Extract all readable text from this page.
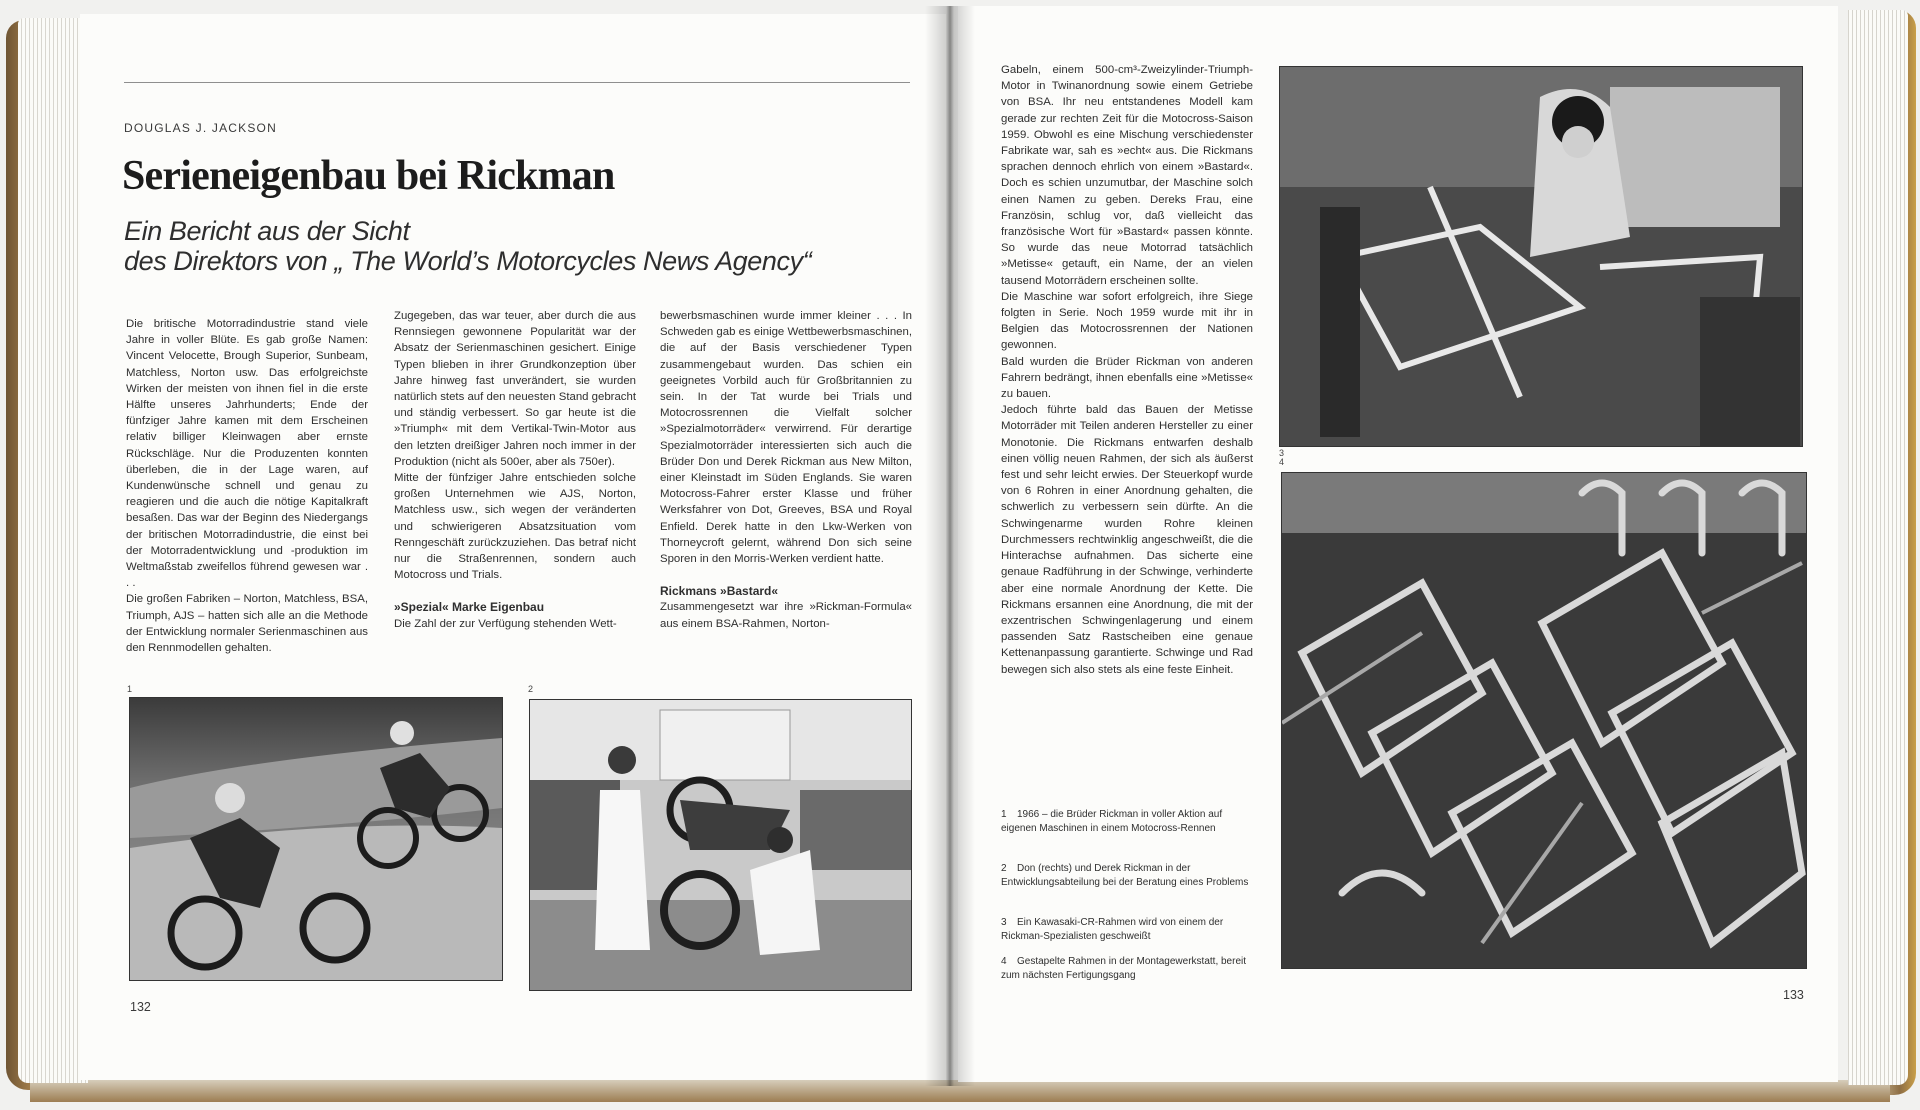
DOUGLAS J. JACKSON
Serieneigenbau bei Rickman
Ein Bericht aus der Sicht
des Direktors von „ The World’s Motorcycles News Agency“

Die britische Motorradindustrie stand viele Jahre in voller Blüte. Es gab große Namen: Vincent Velocette, Brough Superior, Sunbeam, Matchless, Norton usw. Das erfolgreichste Wirken der meisten von ihnen fiel in die erste Hälfte unseres Jahrhunderts; Ende der fünfziger Jahre kamen mit dem Erscheinen relativ billiger Kleinwagen aber ernste Rückschläge. Nur die Produzenten konnten überleben, die in der Lage waren, auf Kundenwünsche schnell und genau zu reagieren und die auch die nötige Kapitalkraft besaßen. Das war der Beginn des Niedergangs der britischen Motorradindustrie, die einst bei der Motorradentwicklung und -produktion im Weltmaßstab zweifellos führend gewesen war . . .

Die großen Fabriken – Norton, Matchless, BSA, Triumph, AJS – hatten sich alle an die Methode der Entwicklung normaler Serienmaschinen aus den Rennmodellen gehalten.

Zugegeben, das war teuer, aber durch die aus Rennsiegen gewonnene Popularität war der Absatz der Serienmaschinen gesichert. Einige Typen blieben in ihrer Grundkonzeption über Jahre hinweg fast unverändert, sie wurden natürlich stets auf den neuesten Stand gebracht und ständig verbessert. So gar heute ist die »Triumph« mit dem Vertikal-Twin-Motor aus den letzten dreißiger Jahren noch immer in der Produktion (nicht als 500er, aber als 750er).

Mitte der fünfziger Jahre entschieden solche großen Unternehmen wie AJS, Norton, Matchless usw., sich wegen der veränderten und schwierigeren Absatzsituation vom Renngeschäft zurückzuziehen. Das betraf nicht nur die Straßenrennen, sondern auch Motocross und Trials.

»Spezial« Marke Eigenbau

Die Zahl der zur Verfügung stehenden Wett-

bewerbsmaschinen wurde immer kleiner . . . In Schweden gab es einige Wettbewerbsmaschinen, die auf der Basis verschiedener Typen zusammengebaut wurden. Das schien ein geeignetes Vorbild auch für Großbritannien zu sein. In der Tat wurde bei Trials und Motocrossrennen die Vielfalt solcher »Spezialmotorräder« verwirrend. Für derartige Spezialmotorräder interessierten sich auch die Brüder Don und Derek Rickman aus New Milton, einer Kleinstadt im Süden Englands. Sie waren Motocross-Fahrer erster Klasse und früher Werksfahrer von Dot, Greeves, BSA und Royal Enfield. Derek hatte in den Lkw-Werken von Thorneycroft gelernt, während Don sich seine Sporen in den Morris-Werken verdient hatte.

Rickmans »Bastard«

Zusammengesetzt war ihre »Rickman-Formula« aus einem BSA-Rahmen, Norton-

1	2
132

Gabeln, einem 500-cm³-Zweizylinder-Triumph-Motor in Twinanordnung sowie einem Getriebe von BSA. Ihr neu entstandenes Modell kam gerade zur rechten Zeit für die Motocross-Saison 1959. Obwohl es eine Mischung verschiedenster Fabrikate war, sah es »echt« aus. Die Rickmans sprachen dennoch ehrlich von einem »Bastard«. Doch es schien unzumutbar, der Maschine solch einen Namen zu geben. Dereks Frau, eine Französin, schlug vor, daß vielleicht das französische Wort für »Bastard« passen könnte. So wurde das neue Motorrad tatsächlich »Metisse« getauft, ein Name, der an vielen tausend Motorrädern erscheinen sollte.

Die Maschine war sofort erfolgreich, ihre Siege folgten in Serie. Noch 1959 wurde mit ihr in Belgien das Motocrossrennen der Nationen gewonnen.

Bald wurden die Brüder Rickman von anderen Fahrern bedrängt, ihnen ebenfalls eine »Metisse« zu bauen.

Jedoch führte bald das Bauen der Metisse Motorräder mit Teilen anderen Hersteller zu einer Monotonie. Die Rickmans entwarfen deshalb einen völlig neuen Rahmen, der sich als äußerst fest und sehr leicht erwies. Der Steuerkopf wurde von 6 Rohren in einer Anordnung gehalten, die schwerlich zu verbessern sein dürfte. An die Schwingenarme wurden Rohre kleinen Durchmessers rechtwinklig angeschweißt, die die Hinterachse aufnahmen. Das sicherte eine genaue Radführung in der Schwinge, verhinderte aber eine normale Anordnung der Kette. Die Rickmans ersannen eine Anordnung, die mit der exzentrischen Schwingenlagerung und einem passenden Satz Rastscheiben eine genaue Kettenanpassung garantierte. Schwinge und Rad bewegen sich also stets als eine feste Einheit.

1 1966 – die Brüder Rickman in voller Aktion auf eigenen Maschinen in einem Motocross-Rennen
2 Don (rechts) und Derek Rickman in der Entwicklungsabteilung bei der Beratung eines Problems
3 Ein Kawasaki-CR-Rahmen wird von einem der Rickman-Spezialisten geschweißt
4 Gestapelte Rahmen in der Montagewerkstatt, bereit zum nächsten Fertigungsgang
3
4
133
